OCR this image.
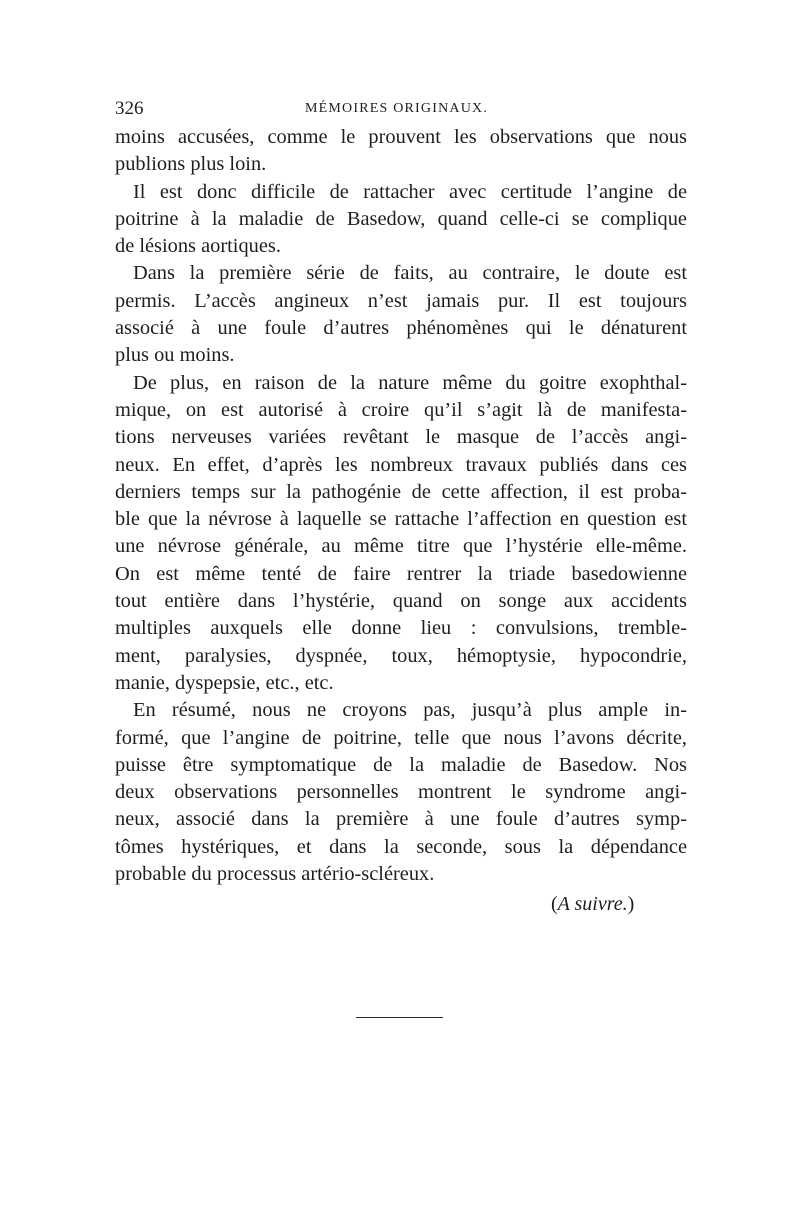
326	MÉMOIRES ORIGINAUX.
moins accusées, comme le prouvent les observations que nous
publions plus loin.
Il est donc difficile de rattacher avec certitude l’angine de
poitrine à la maladie de Basedow, quand celle-ci se complique
de lésions aortiques.
Dans la première série de faits, au contraire, le doute est
permis. L’accès angineux n’est jamais pur. Il est toujours
associé à une foule d’autres phénomènes qui le dénaturent
plus ou moins.
De plus, en raison de la nature même du goitre exophthal-
mique, on est autorisé à croire qu’il s’agit là de manifesta-
tions nerveuses variées revêtant le masque de l’accès angi-
neux. En effet, d’après les nombreux travaux publiés dans ces
derniers temps sur la pathogénie de cette affection, il est proba-
ble que la névrose à laquelle se rattache l’affection en question est
une névrose générale, au même titre que l’hystérie elle-même.
On est même tenté de faire rentrer la triade basedowienne
tout entière dans l’hystérie, quand on songe aux accidents
multiples auxquels elle donne lieu : convulsions, tremble-
ment, paralysies, dyspnée, toux, hémoptysie, hypocondrie,
manie, dyspepsie, etc., etc.
En résumé, nous ne croyons pas, jusqu’à plus ample in-
formé, que l’angine de poitrine, telle que nous l’avons décrite,
puisse être symptomatique de la maladie de Basedow. Nos
deux observations personnelles montrent le syndrome angi-
neux, associé dans la première à une foule d’autres symp-
tômes hystériques, et dans la seconde, sous la dépendance
probable du processus artério-scléreux.
(A suivre.)
